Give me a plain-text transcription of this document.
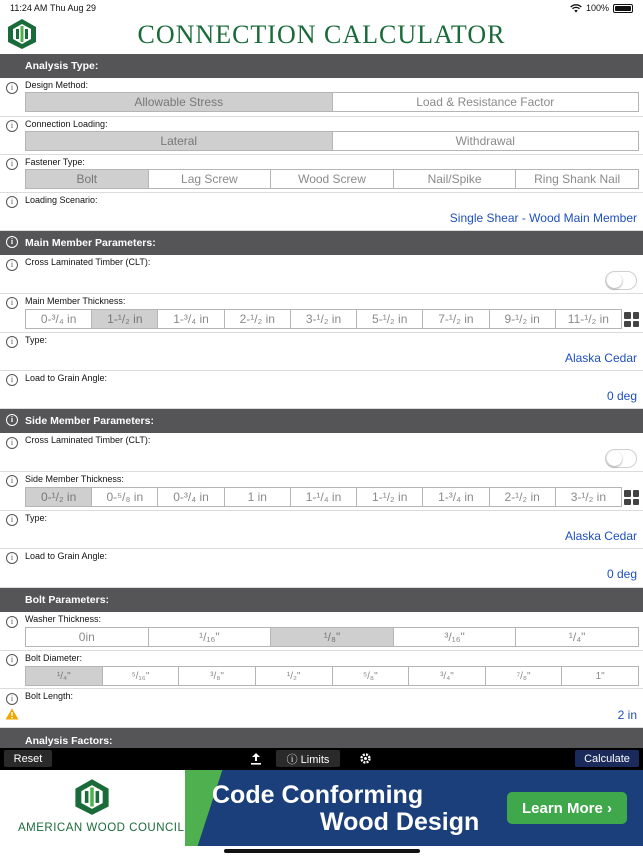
11:24 AM Thu Aug 29	100%
CONNECTION CALCULATOR
Analysis Type:
i	Design Method:
Allowable Stress	Load & Resistance Factor
i	Connection Loading:
Lateral	Withdrawal
i	Fastener Type:
Bolt	Lag Screw	Wood Screw	Nail/Spike	Ring Shank Nail
i	Loading Scenario:
Single Shear - Wood Main Member
i	Main Member Parameters:
i	Cross Laminated Timber (CLT):
i	Main Member Thickness:
0-³/₄ in	1-¹/₂ in	1-³/₄ in	2-¹/₂ in	3-¹/₂ in	5-¹/₂ in	7-¹/₂ in	9-¹/₂ in	11-¹/₂ in
i	Type:
Alaska Cedar
i	Load to Grain Angle:
0 deg
i	Side Member Parameters:
i	Cross Laminated Timber (CLT):
i	Side Member Thickness:
0-¹/₂ in	0-⁵/₈ in	0-³/₄ in	1 in	1-¹/₄ in	1-¹/₂ in	1-³/₄ in	2-¹/₂ in	3-¹/₂ in
i	Type:
Alaska Cedar
i	Load to Grain Angle:
0 deg
Bolt Parameters:
i	Washer Thickness:
0in	¹/₁₆"	¹/₈"	³/₁₆"	¹/₄"
i	Bolt Diameter:
¹/₄"	⁵/₁₆"	³/₈"	¹/₂"	⁵/₈"	³/₄"	⁷/₈"	1"
i	Bolt Length:
2 in
Analysis Factors:
Reset	ⓘ Limits	Calculate
AMERICAN WOOD COUNCIL
Code Conforming
Wood Design	Learn More ›
